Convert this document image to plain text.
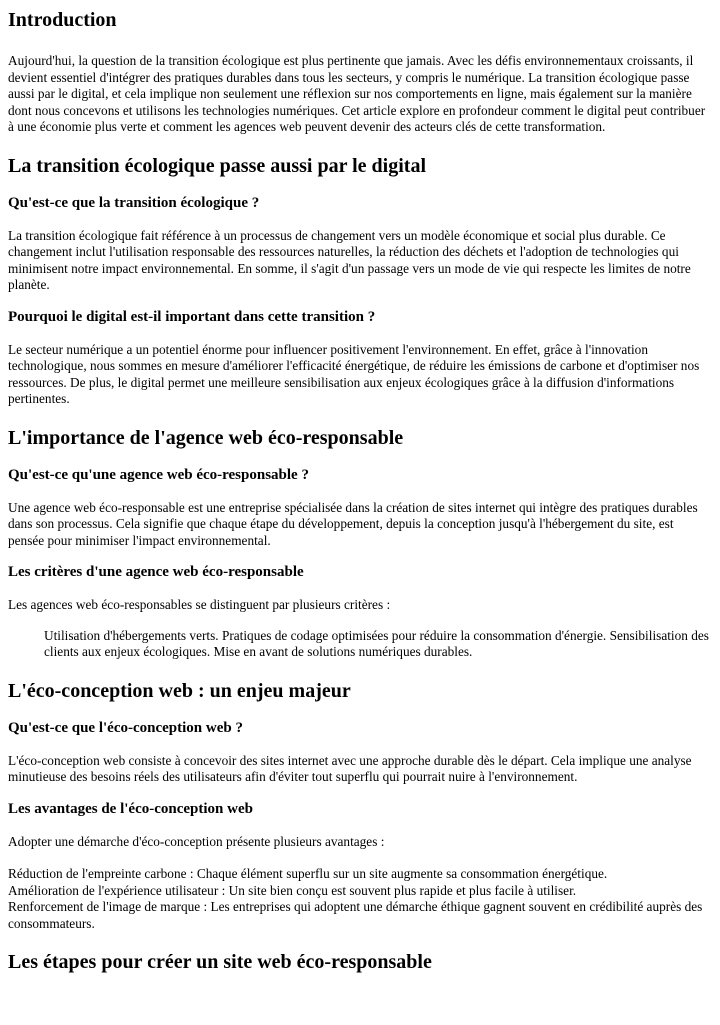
Introduction

Aujourd'hui, la question de la transition écologique est plus pertinente que jamais. Avec les défis environnementaux croissants, il devient essentiel d'intégrer des pratiques durables dans tous les secteurs, y compris le numérique. La transition écologique passe aussi par le digital, et cela implique non seulement une réflexion sur nos comportements en ligne, mais également sur la manière dont nous concevons et utilisons les technologies numériques. Cet article explore en profondeur comment le digital peut contribuer à une économie plus verte et comment les agences web peuvent devenir des acteurs clés de cette transformation.

La transition écologique passe aussi par le digital
Qu'est-ce que la transition écologique ?

La transition écologique fait référence à un processus de changement vers un modèle économique et social plus durable. Ce changement inclut l'utilisation responsable des ressources naturelles, la réduction des déchets et l'adoption de technologies qui minimisent notre impact environnemental. En somme, il s'agit d'un passage vers un mode de vie qui respecte les limites de notre planète.

Pourquoi le digital est-il important dans cette transition ?

Le secteur numérique a un potentiel énorme pour influencer positivement l'environnement. En effet, grâce à l'innovation technologique, nous sommes en mesure d'améliorer l'efficacité énergétique, de réduire les émissions de carbone et d'optimiser nos ressources. De plus, le digital permet une meilleure sensibilisation aux enjeux écologiques grâce à la diffusion d'informations pertinentes.

L'importance de l'agence web éco-responsable
Qu'est-ce qu'une agence web éco-responsable ?

Une agence web éco-responsable est une entreprise spécialisée dans la création de sites internet qui intègre des pratiques durables dans son processus. Cela signifie que chaque étape du développement, depuis la conception jusqu'à l'hébergement du site, est pensée pour minimiser l'impact environnemental.

Les critères d'une agence web éco-responsable

Les agences web éco-responsables se distinguent par plusieurs critères :

Utilisation d'hébergements verts. Pratiques de codage optimisées pour réduire la consommation d'énergie. Sensibilisation des clients aux enjeux écologiques. Mise en avant de solutions numériques durables.
L'éco-conception web : un enjeu majeur
Qu'est-ce que l'éco-conception web ?

L'éco-conception web consiste à concevoir des sites internet avec une approche durable dès le départ. Cela implique une analyse minutieuse des besoins réels des utilisateurs afin d'éviter tout superflu qui pourrait nuire à l'environnement.

Les avantages de l'éco-conception web

Adopter une démarche d'éco-conception présente plusieurs avantages :

Réduction de l'empreinte carbone : Chaque élément superflu sur un site augmente sa consommation énergétique.

Amélioration de l'expérience utilisateur : Un site bien conçu est souvent plus rapide et plus facile à utiliser.

Renforcement de l'image de marque : Les entreprises qui adoptent une démarche éthique gagnent souvent en crédibilité auprès des consommateurs.

Les étapes pour créer un site web éco-responsable
